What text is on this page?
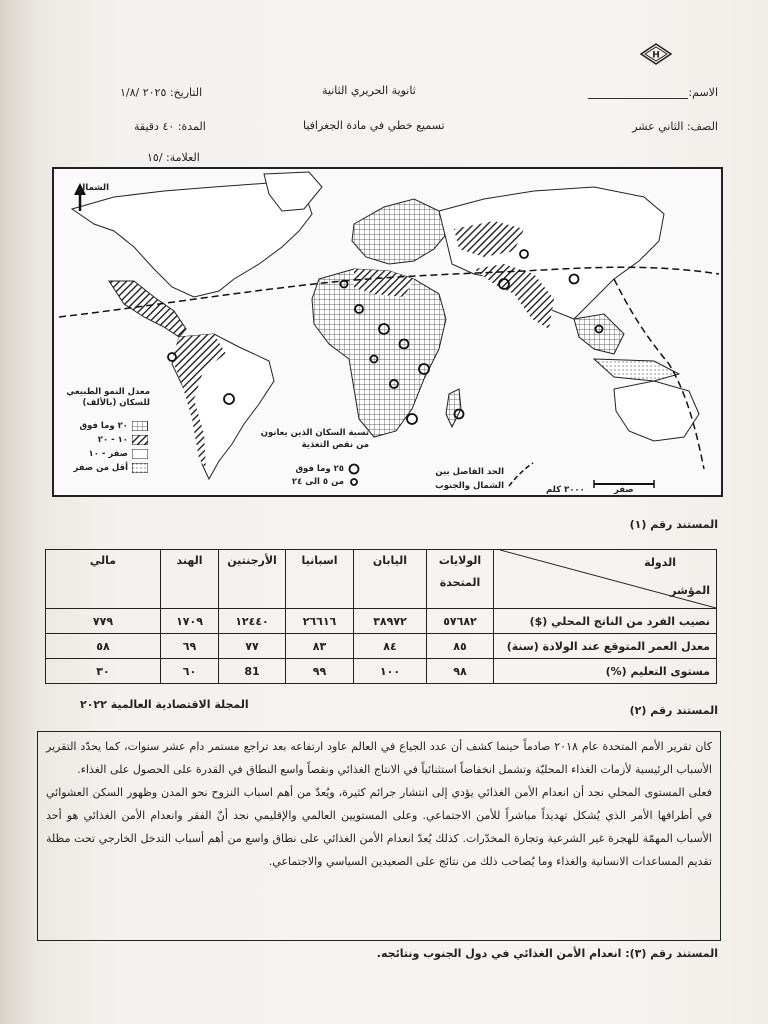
H
الاسم:
ثانوية الحريري الثانية
التاريخ: ٢٠٢٥ /١/٨
الصف: الثاني عشر
تسميع خطي في مادة الجغرافيا
المدة: ٤٠ دقيقة
العلامة: /١٥
الشمال
معدل النمو الطبيعي للسكان (بالألف)
٢٠ وما فوق
١٠ - ٢٠
صفر - ١٠
أقل من صفر
نسبة السكان الذين يعانون من نقص التغذية
٢٥ وما فوق
من ٥ الى ٢٤
الحد الفاصل بين الشمال والجنوب	٣٠٠٠ كلم	صفر
المستند رقم (١)
الدولة
المؤشر	الولايات المتحدة	اليابان	اسبانيا	الأرجنتين	الهند	مالي
نصيب الفرد من الناتج المحلي ($)	٥٧٦٨٢	٣٨٩٧٢	٢٦٦١٦	١٢٤٤٠	١٧٠٩	٧٧٩
معدل العمر المتوقع عند الولادة (سنة)	٨٥	٨٤	٨٣	٧٧	٦٩	٥٨
مستوى التعليم (%)	٩٨	١٠٠	٩٩	81	٦٠	٣٠
المستند رقم (٢)
المجلة الاقتصادية العالمية ٢٠٢٢

كان تقرير الأمم المتحدة عام ٢٠١٨ صادماً حينما كشف أن عدد الجياع في العالم عاود ارتفاعه بعد تراجع مستمر دام عشر سنوات، كما يحدّد التقرير الأسباب الرئيسية لأزمات الغذاء المحليّة وتشمل انخفاضاً استثنائياً في الانتاج الغذائي ونقصاً واسع النطاق في القدرة على الحصول على الغذاء.

فعلى المستوى المحلي نجد أن انعدام الأمن الغذائي يؤدي إلى انتشار جرائم كثيرة، ويُعدّ من أهم اسباب النزوح نحو المدن وظهور السكن العشوائي في أطرافها الأمر الذي يُشكل تهديداً مباشراً للأمن الاجتماعي. وعلى المستويين العالمي والإقليمي نجد أنّ الفقر وانعدام الأمن الغذائي هو أحد الأسباب المهمّة للهجرة غير الشرعية وتجارة المخدّرات. كذلك يُعدّ انعدام الأمن الغذائي على نطاق واسع من أهم أسباب التدخل الخارجي تحت مظلة تقديم المساعدات الانسانية والغذاء وما يُصاحب ذلك من نتائج على الصعيدين السياسي والاجتماعي.

المستند رقم (٣): انعدام الأمن الغذائي في دول الجنوب ونتائجه.
